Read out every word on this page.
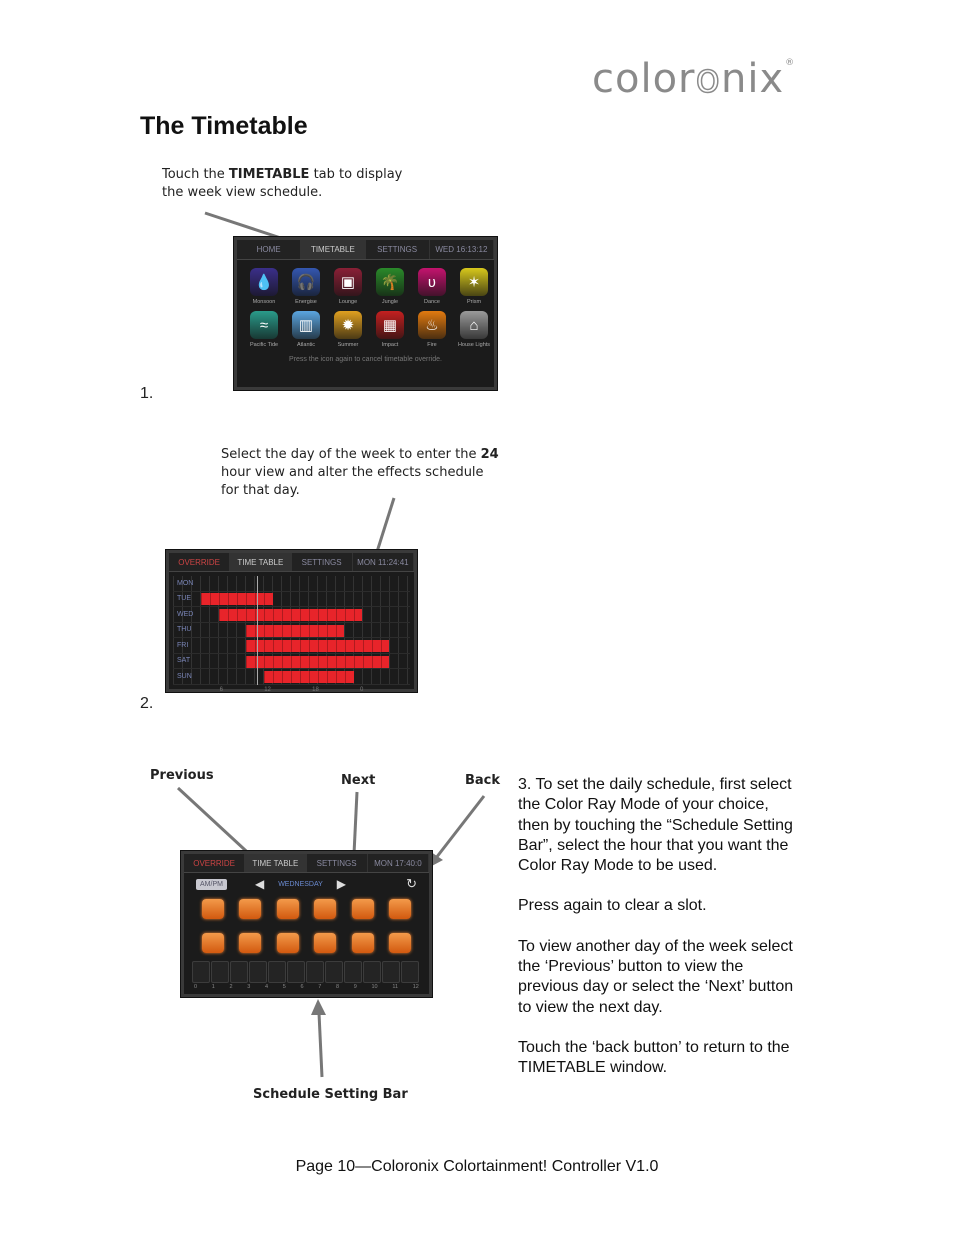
coloronix®
The Timetable
Touch the TIMETABLE tab to display the week view schedule.
HOME	TIMETABLE	SETTINGS	WED 16:13:12
💧
Monsoon
🎧
Energise
▣
Lounge
🌴
Jungle
ʋ
Dance
✶
Prism
≈
Pacific Tide
▥
Atlantic
✹
Summer
▦
Impact
♨
Fire
⌂
House Lights
Press the icon again to cancel timetable override.
1.
Select the day of the week to enter the 24 hour view and alter the effects schedule for that day.
OVERRIDE	TIME TABLE	SETTINGS	MON 11:24:41
MON
TUE
WED
THU
FRI
SAT
SUN
6	12	18	0
2.
Previous	Next	Back
OVERRIDE	TIME TABLE	SETTINGS	MON 17:40:0
AM/PM	◀ WEDNESDAY ▶	↻
0	1	2	3	4	5	6	7	8	9	10	11	12
Schedule Setting Bar

3. To set the daily schedule, first select the Color Ray Mode of your choice, then by touching the “Schedule Setting Bar”, select the hour that you want the Color Ray Mode to be used.

Press again to clear a slot.

To view another day of the week select the ‘Previous’ button to view the previous day or select the ‘Next’ button to view the next day.

Touch the ‘back button’ to return to the TIMETABLE window.

Page 10—Coloronix Colortainment! Controller V1.0
